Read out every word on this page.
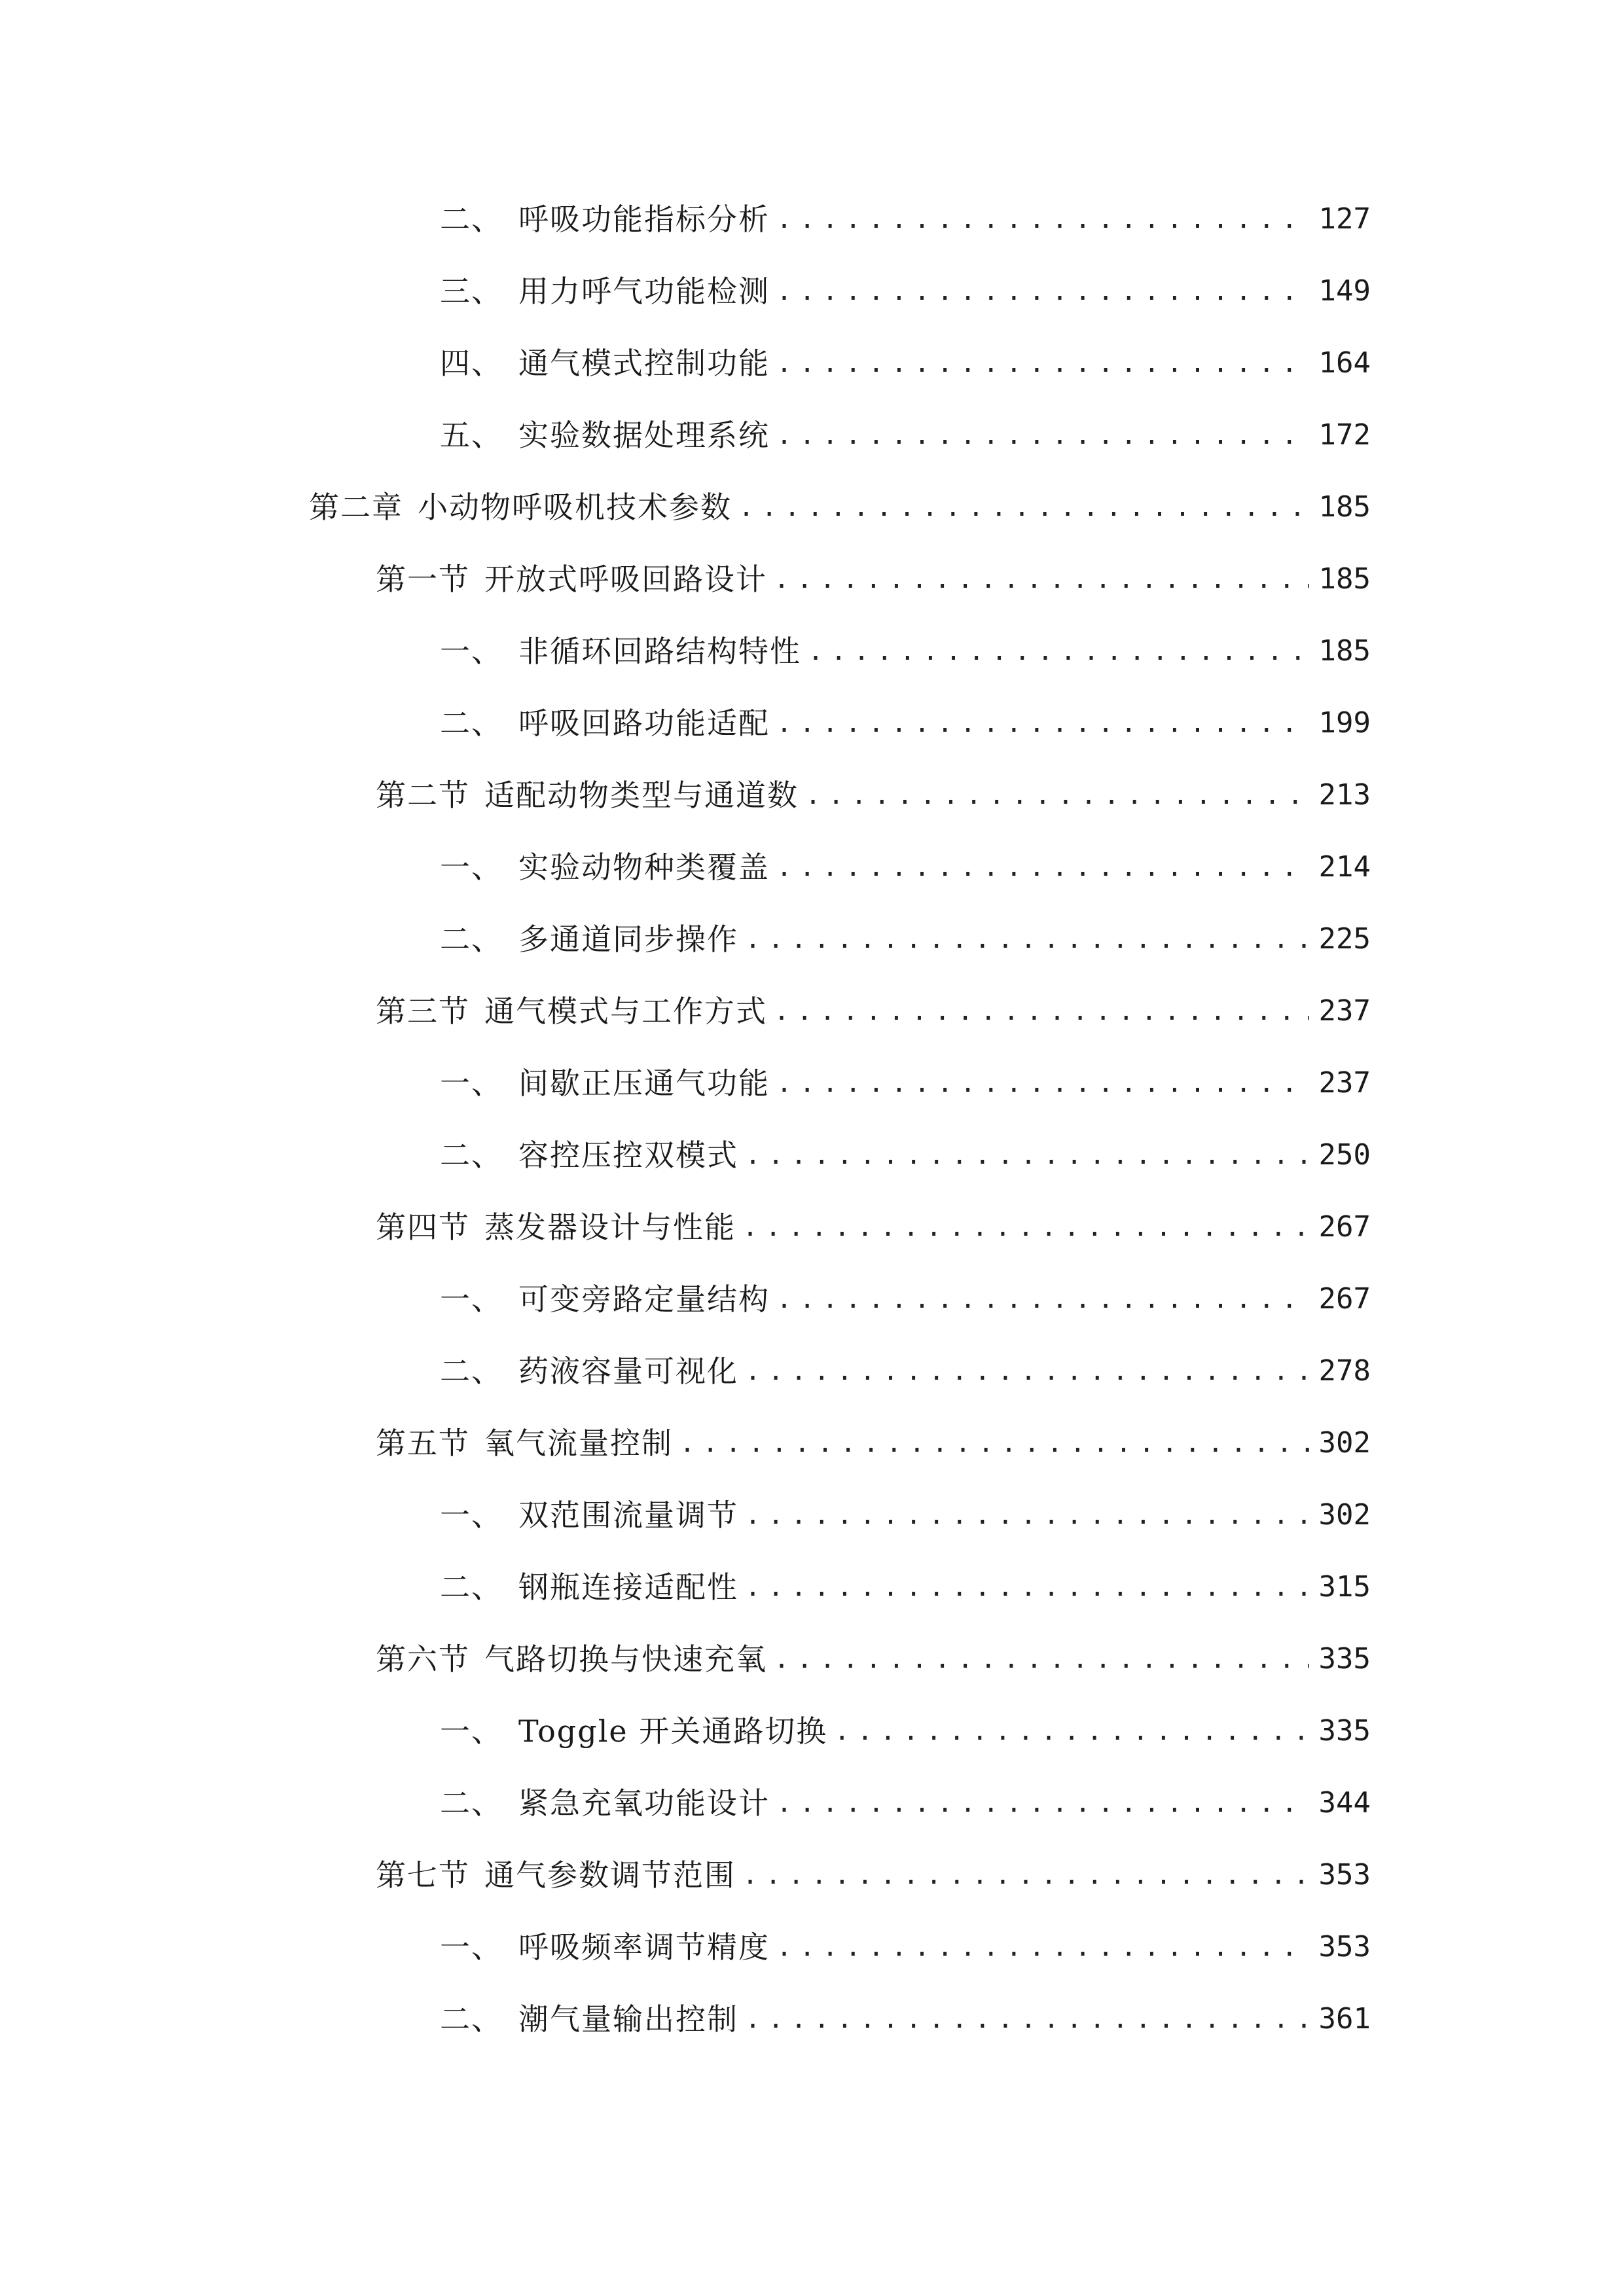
二、 呼吸功能指标分析 .....	127
三、 用力呼气功能检测 .....	149
四、 通气模式控制功能 .....	164
五、 实验数据处理系统 .....	172
第二章 小动物呼吸机技术参数 .....	185
第一节 开放式呼吸回路设计 .....	185
一、 非循环回路结构特性 .....	185
二、 呼吸回路功能适配 .....	199
第二节 适配动物类型与通道数 .....	213
一、 实验动物种类覆盖 .....	214
二、 多通道同步操作 .....	225
第三节 通气模式与工作方式 .....	237
一、 间歇正压通气功能 .....	237
二、 容控压控双模式 .....	250
第四节 蒸发器设计与性能 .....	267
一、 可变旁路定量结构 .....	267
二、 药液容量可视化 .....	278
第五节 氧气流量控制 .....	302
一、 双范围流量调节 .....	302
二、 钢瓶连接适配性 .....	315
第六节 气路切换与快速充氧 .....	335
一、 Toggle 开关通路切换 .....	335
二、 紧急充氧功能设计 .....	344
第七节 通气参数调节范围 .....	353
一、 呼吸频率调节精度 .....	353
二、 潮气量输出控制 .....	361
